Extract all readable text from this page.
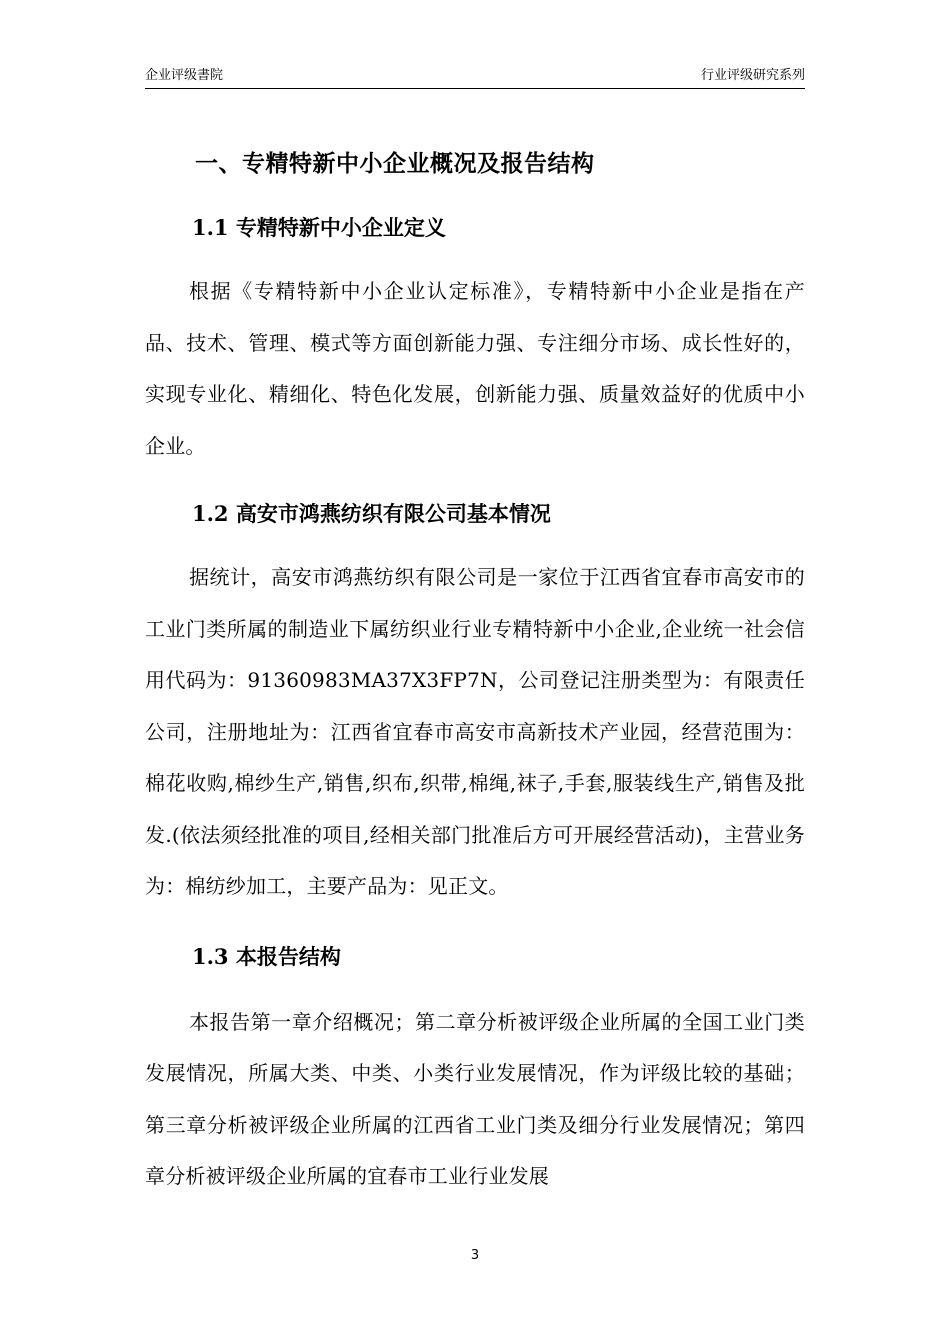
企业评级書院	行业评级研究系列
一、专精特新中小企业概况及报告结构
1.1 专精特新中小企业定义

根据《专精特新中小企业认定标准》，专精特新中小企业是指在产品、技术、管理、模式等方面创新能力强、专注细分市场、成长性好的，实现专业化、精细化、特色化发展，创新能力强、质量效益好的优质中小企业。

1.2 高安市鸿燕纺织有限公司基本情况

据统计，高安市鸿燕纺织有限公司是一家位于江西省宜春市高安市的工业门类所属的制造业下属纺织业行业专精特新中小企业,企业统一社会信用代码为：91360983MA37X3FP7N，公司登记注册类型为：有限责任公司，注册地址为：江西省宜春市高安市高新技术产业园，经营范围为：棉花收购,棉纱生产,销售,织布,织带,棉绳,袜子,手套,服装线生产,销售及批发.(依法须经批准的项目,经相关部门批准后方可开展经营活动)，主营业务为：棉纺纱加工，主要产品为：见正文。

1.3 本报告结构

本报告第一章介绍概况；第二章分析被评级企业所属的全国工业门类发展情况，所属大类、中类、小类行业发展情况，作为评级比较的基础；第三章分析被评级企业所属的江西省工业门类及细分行业发展情况；第四章分析被评级企业所属的宜春市工业行业发展

3
